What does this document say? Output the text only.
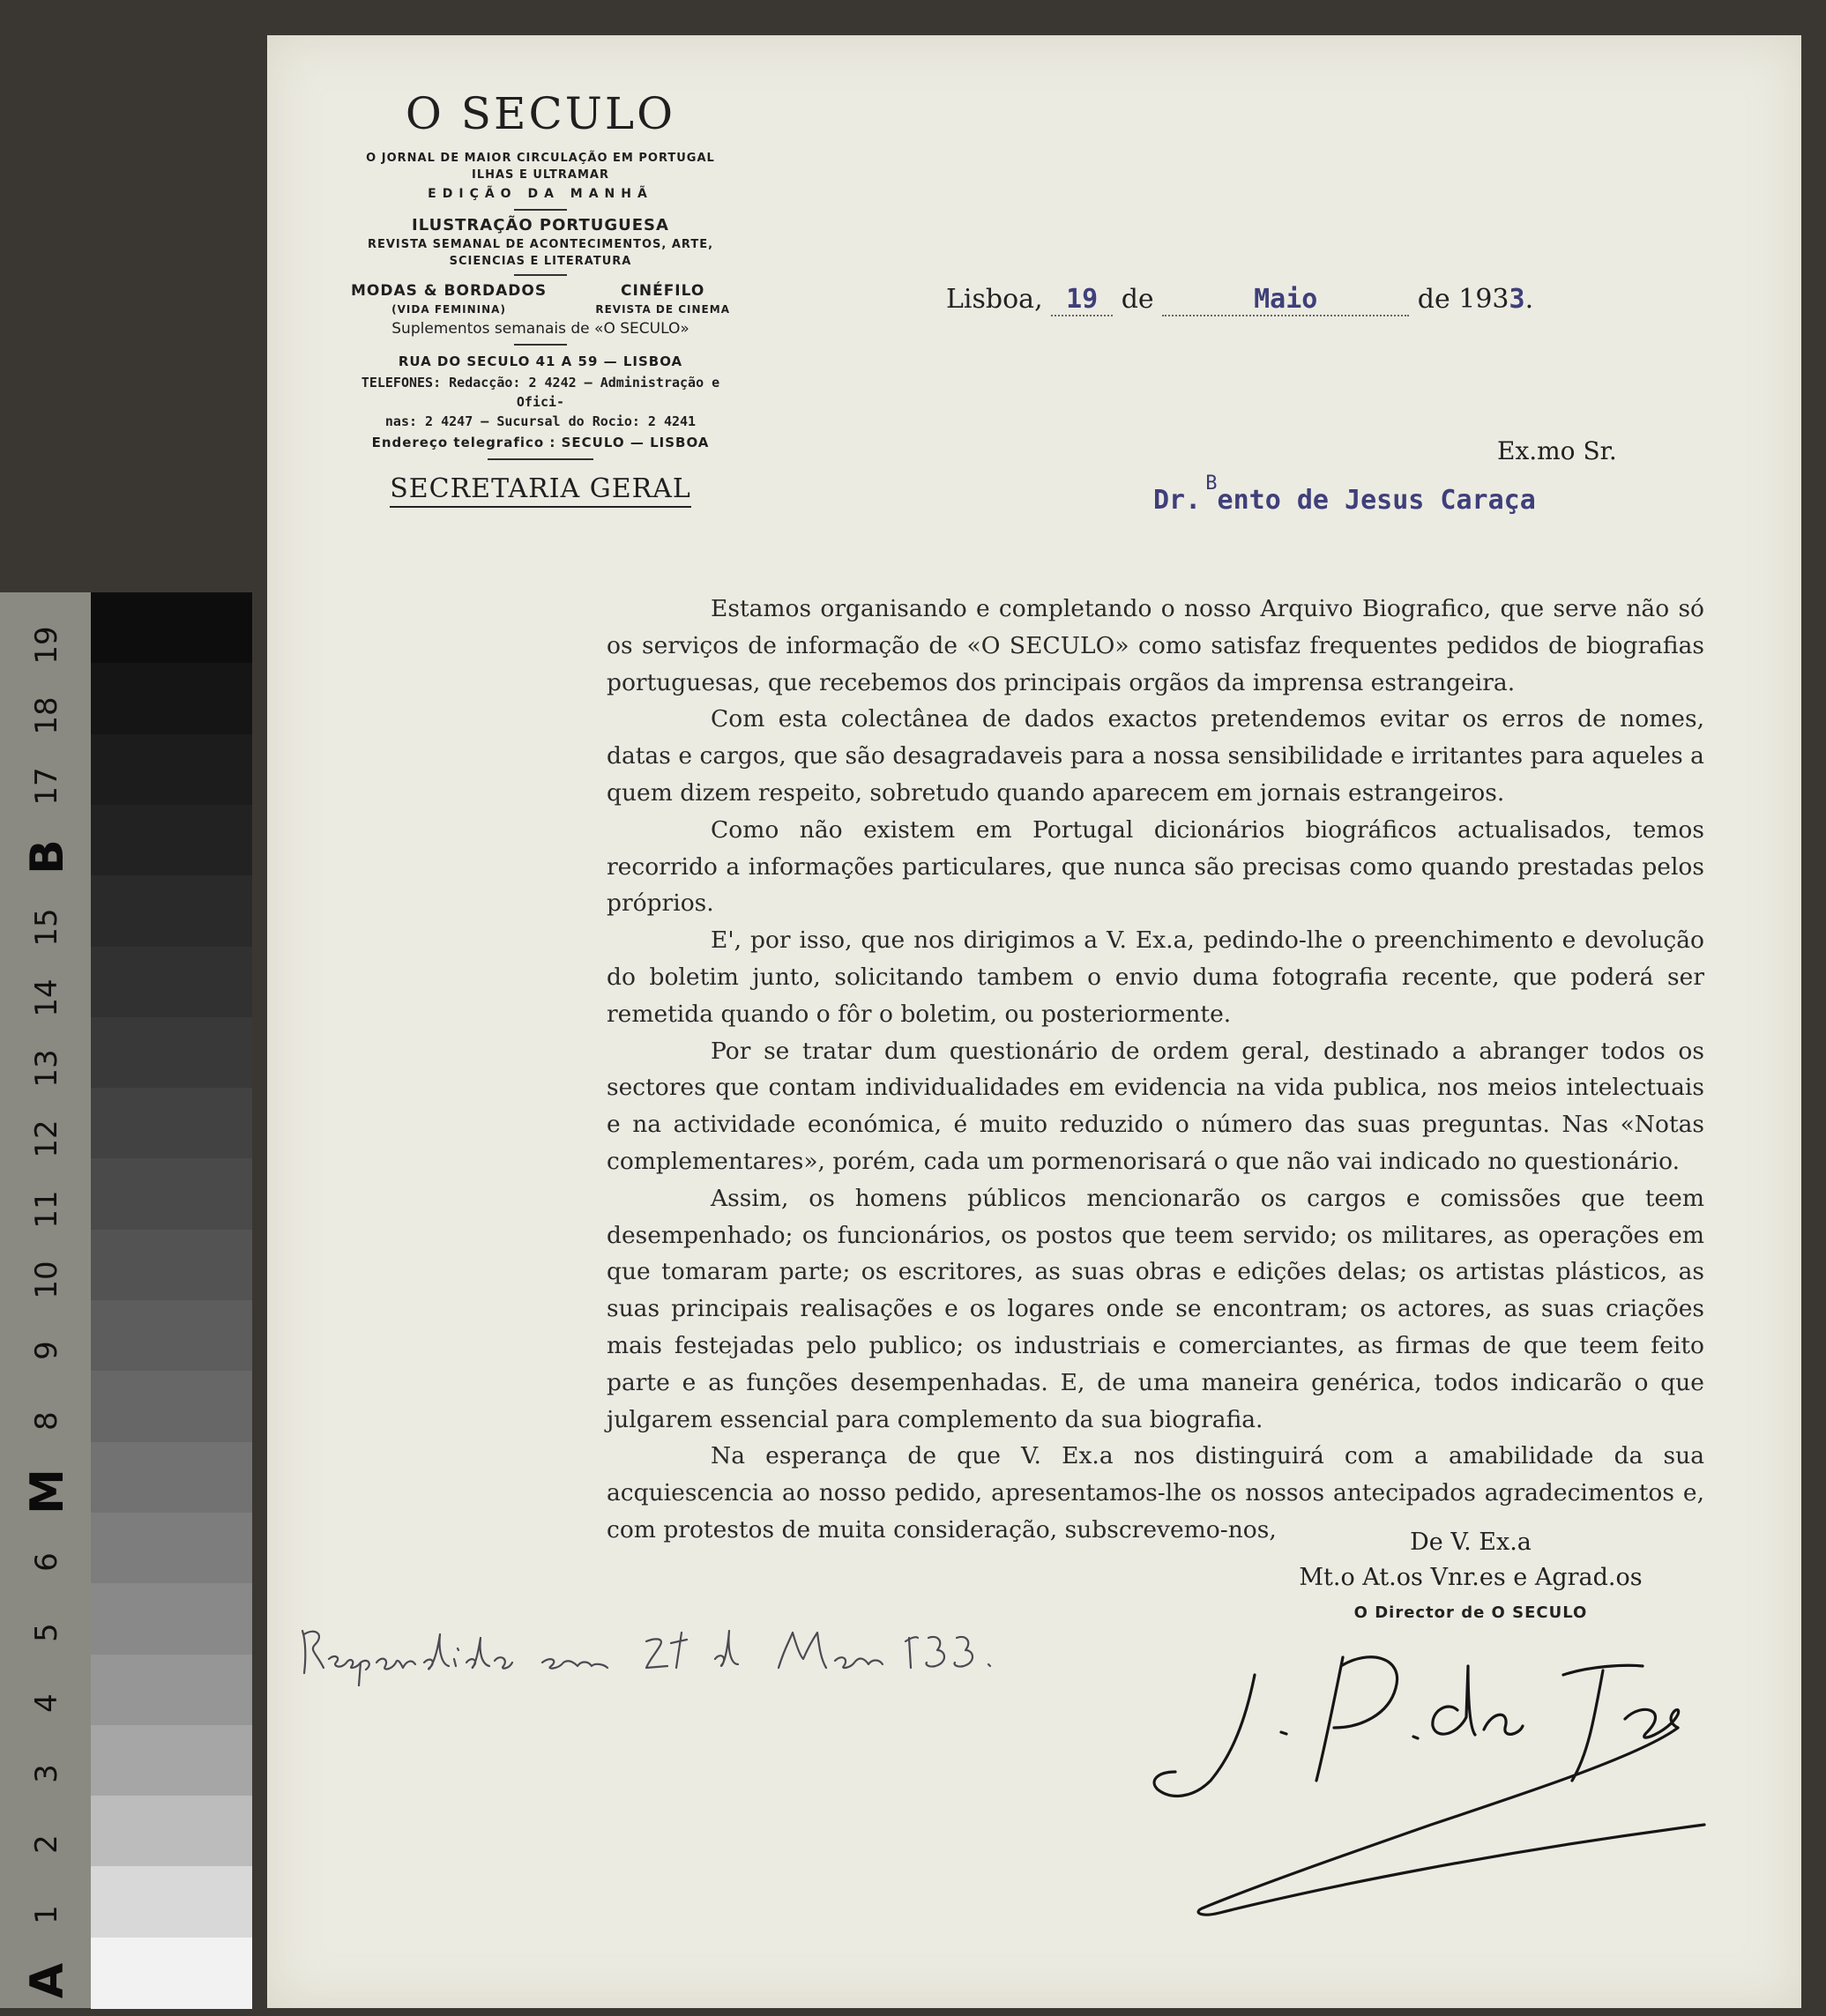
19
18
17
B
15
14
13
12
11
10
9
8
M
6
5
4
3
2
1
A
O SECULO
O JORNAL DE MAIOR CIRCULAÇÃO EM PORTUGAL
ILHAS E ULTRAMAR
EDIÇÃO DA MANHÃ
ILUSTRAÇÃO PORTUGUESA
REVISTA SEMANAL DE ACONTECIMENTOS, ARTE,
SCIENCIAS E LITERATURA
MODAS & BORDADOS
(VIDA FEMININA)
CINÉFILO
REVISTA DE CINEMA
Suplementos semanais de «O SECULO»
RUA DO SECULO 41 A 59 — LISBOA
TELEFONES: Redacção: 2 4242 — Administração e Ofici-
nas: 2 4247 — Sucursal do Rocio: 2 4241
Endereço telegrafico : SECULO — LISBOA
SECRETARIA GERAL
Lisboa, 19 de	Maio	de 1933.
Ex.mo Sr.
Dr. Bento de Jesus Caraça

Estamos organisando e completando o nosso Arquivo Biografico, que serve não só os serviços de informação de «O SECULO» como satisfaz frequentes pedidos de biografias portuguesas, que recebemos dos principais orgãos da imprensa estrangeira.

Com esta colectânea de dados exactos pretendemos evitar os erros de nomes, datas e cargos, que são desagradaveis para a nossa sensibilidade e irritantes para aqueles a quem dizem respeito, sobretudo quando aparecem em jornais estrangeiros.

Como não existem em Portugal dicionários biográficos actualisados, temos recorrido a informações particulares, que nunca são precisas como quando prestadas pelos próprios.

E', por isso, que nos dirigimos a V. Ex.a, pedindo-lhe o preenchimento e devolução do boletim junto, solicitando tambem o envio duma fotografia recente, que poderá ser remetida quando o fôr o boletim, ou posteriormente.

Por se tratar dum questionário de ordem geral, destinado a abranger todos os sectores que contam individualidades em evidencia na vida publica, nos meios intelectuais e na actividade económica, é muito reduzido o número das suas preguntas. Nas «Notas complementares», porém, cada um pormenorisará o que não vai indicado no questionário.

Assim, os homens públicos mencionarão os cargos e comissões que teem desempenhado; os funcionários, os postos que teem servido; os militares, as operações em que tomaram parte; os escritores, as suas obras e edições delas; os artistas plásticos, as suas principais realisações e os logares onde se encontram; os actores, as suas criações mais festejadas pelo publico; os industriais e comerciantes, as firmas de que teem feito parte e as funções desempenhadas. E, de uma maneira genérica, todos indicarão o que julgarem essencial para complemento da sua biografia.

Na esperança de que V. Ex.a nos distinguirá com a amabilidade da sua acquiescencia ao nosso pedido, apresentamos-lhe os nossos antecipados agradecimentos e, com protestos de muita consideração, subscrevemo-nos,	De V. Ex.a
Mt.o At.os Vnr.es e Agrad.os
O Director de O SECULO
